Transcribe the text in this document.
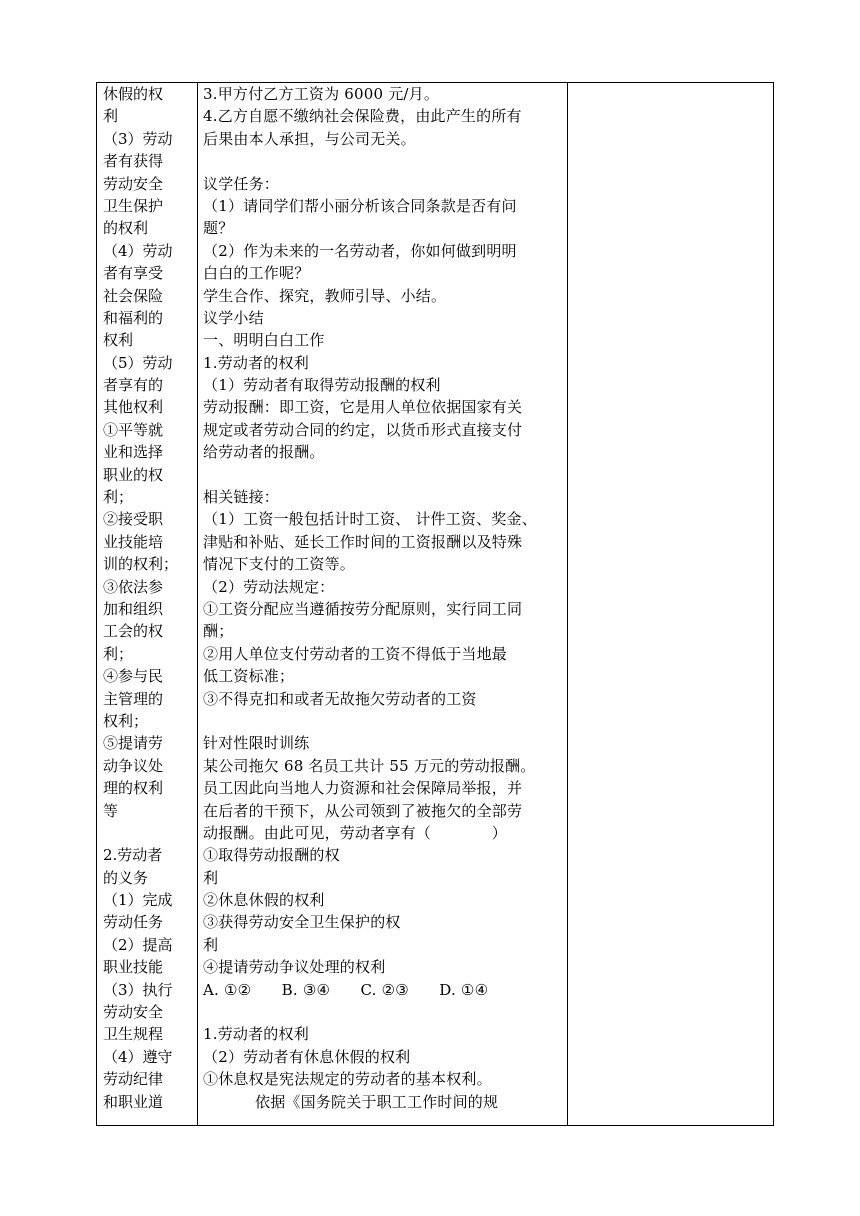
休假的权
利
（3）劳动
者有获得
劳动安全
卫生保护
的权利
（4）劳动
者有享受
社会保险
和福利的
权利
（5）劳动
者享有的
其他权利
①平等就
业和选择
职业的权
利；
②接受职
业技能培
训的权利；
③依法参
加和组织
工会的权
利；
④参与民
主管理的
权利；
⑤提请劳
动争议处
理的权利
等
2.劳动者
的义务
（1）完成
劳动任务
（2）提高
职业技能
（3）执行
劳动安全
卫生规程
（4）遵守
劳动纪律
和职业道
3.甲方付乙方工资为 6000 元/月。
4.乙方自愿不缴纳社会保险费，由此产生的所有
后果由本人承担，与公司无关。
议学任务：
（1）请同学们帮小丽分析该合同条款是否有问
题？
（2）作为未来的一名劳动者，你如何做到明明
白白的工作呢？
学生合作、探究，教师引导、小结。
议学小结
一、明明白白工作
1.劳动者的权利
（1）劳动者有取得劳动报酬的权利
劳动报酬：即工资，它是用人单位依据国家有关
规定或者劳动合同的约定，以货币形式直接支付
给劳动者的报酬。
相关链接：
（1）工资一般包括计时工资、 计件工资、奖金、
津贴和补贴、延长工作时间的工资报酬以及特殊
情况下支付的工资等。
（2）劳动法规定：
①工资分配应当遵循按劳分配原则，实行同工同
酬；
②用人单位支付劳动者的工资不得低于当地最
低工资标准；
③不得克扣和或者无故拖欠劳动者的工资
针对性限时训练
某公司拖欠 68 名员工共计 55 万元的劳动报酬。
员工因此向当地人力资源和社会保障局举报，并
在后者的干预下，从公司领到了被拖欠的全部劳
动报酬。由此可见，劳动者享有（　　　　）
①取得劳动报酬的权
利
②休息休假的权利
③获得劳动安全卫生保护的权
利
④提请劳动争议处理的权利
A. ①②　　B. ③④　　C. ②③　　D. ①④
1.劳动者的权利
（2）劳动者有休息休假的权利
①休息权是宪法规定的劳动者的基本权利。
依据《国务院关于职工工作时间的规
